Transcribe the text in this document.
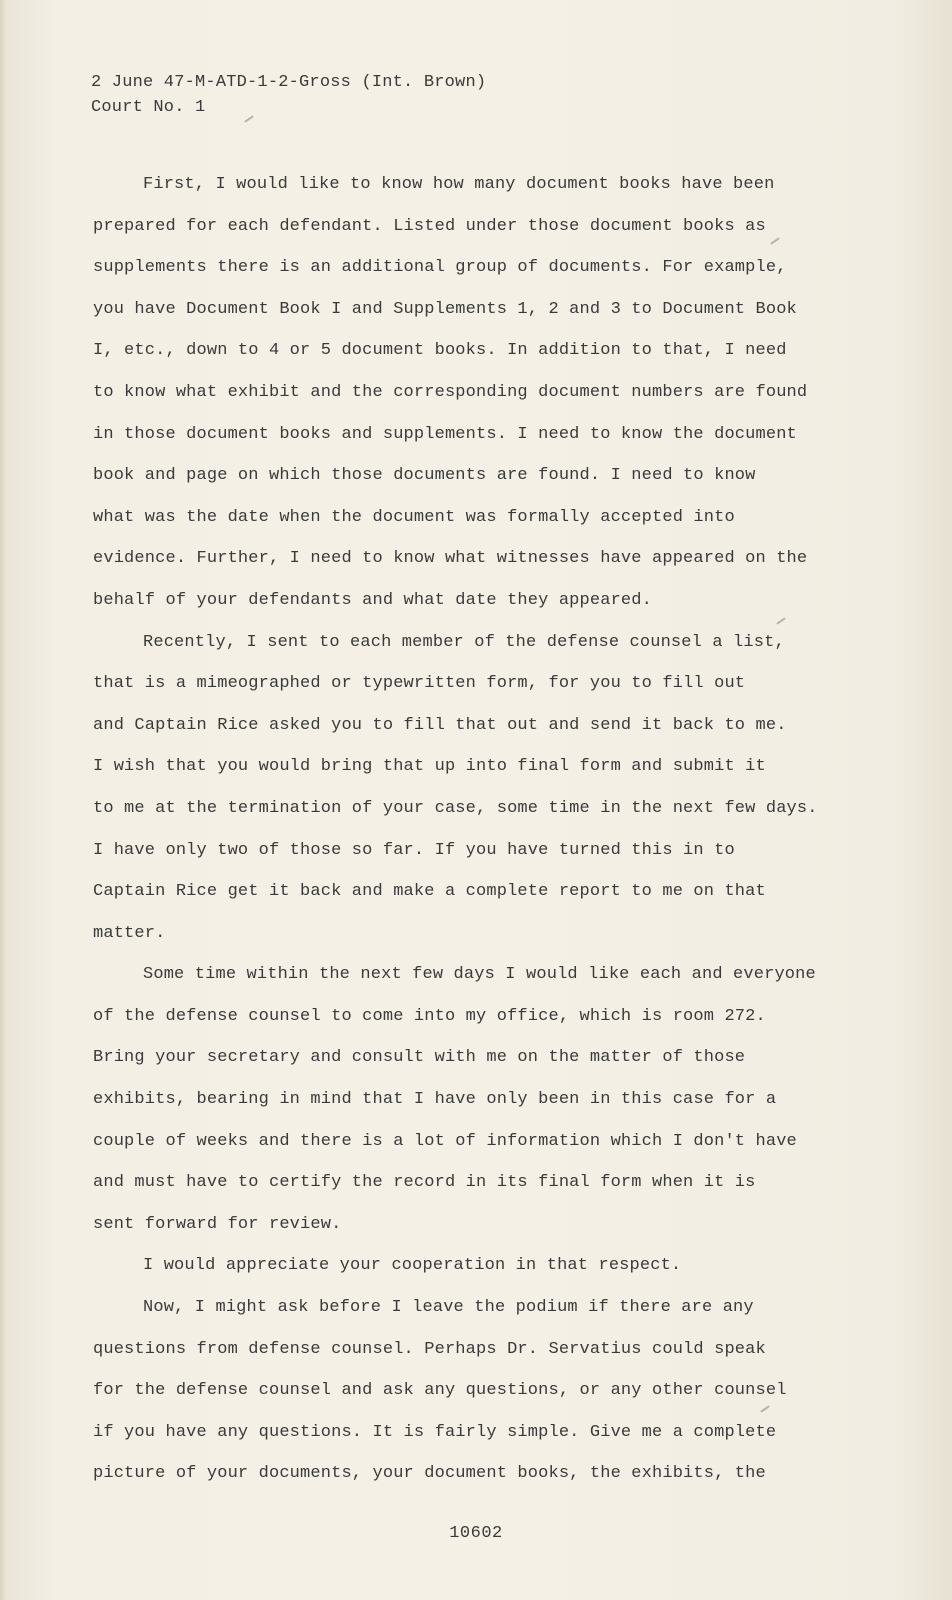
2 June 47-M-ATD-1-2-Gross (Int. Brown)
Court No. 1
First, I would like to know how many document books have been
prepared for each defendant. Listed under those document books as
supplements there is an additional group of documents. For example,
you have Document Book I and Supplements 1, 2 and 3 to Document Book
I, etc., down to 4 or 5 document books. In addition to that, I need
to know what exhibit and the corresponding document numbers are found
in those document books and supplements. I need to know the document
book and page on which those documents are found. I need to know
what was the date when the document was formally accepted into
evidence. Further, I need to know what witnesses have appeared on the
behalf of your defendants and what date they appeared.
Recently, I sent to each member of the defense counsel a list,
that is a mimeographed or typewritten form, for you to fill out
and Captain Rice asked you to fill that out and send it back to me.
I wish that you would bring that up into final form and submit it
to me at the termination of your case, some time in the next few days.
I have only two of those so far. If you have turned this in to
Captain Rice get it back and make a complete report to me on that
matter.
Some time within the next few days I would like each and everyone
of the defense counsel to come into my office, which is room 272.
Bring your secretary and consult with me on the matter of those
exhibits, bearing in mind that I have only been in this case for a
couple of weeks and there is a lot of information which I don't have
and must have to certify the record in its final form when it is
sent forward for review.
I would appreciate your cooperation in that respect.
Now, I might ask before I leave the podium if there are any
questions from defense counsel. Perhaps Dr. Servatius could speak
for the defense counsel and ask any questions, or any other counsel
if you have any questions. It is fairly simple. Give me a complete
picture of your documents, your document books, the exhibits, the
10602
